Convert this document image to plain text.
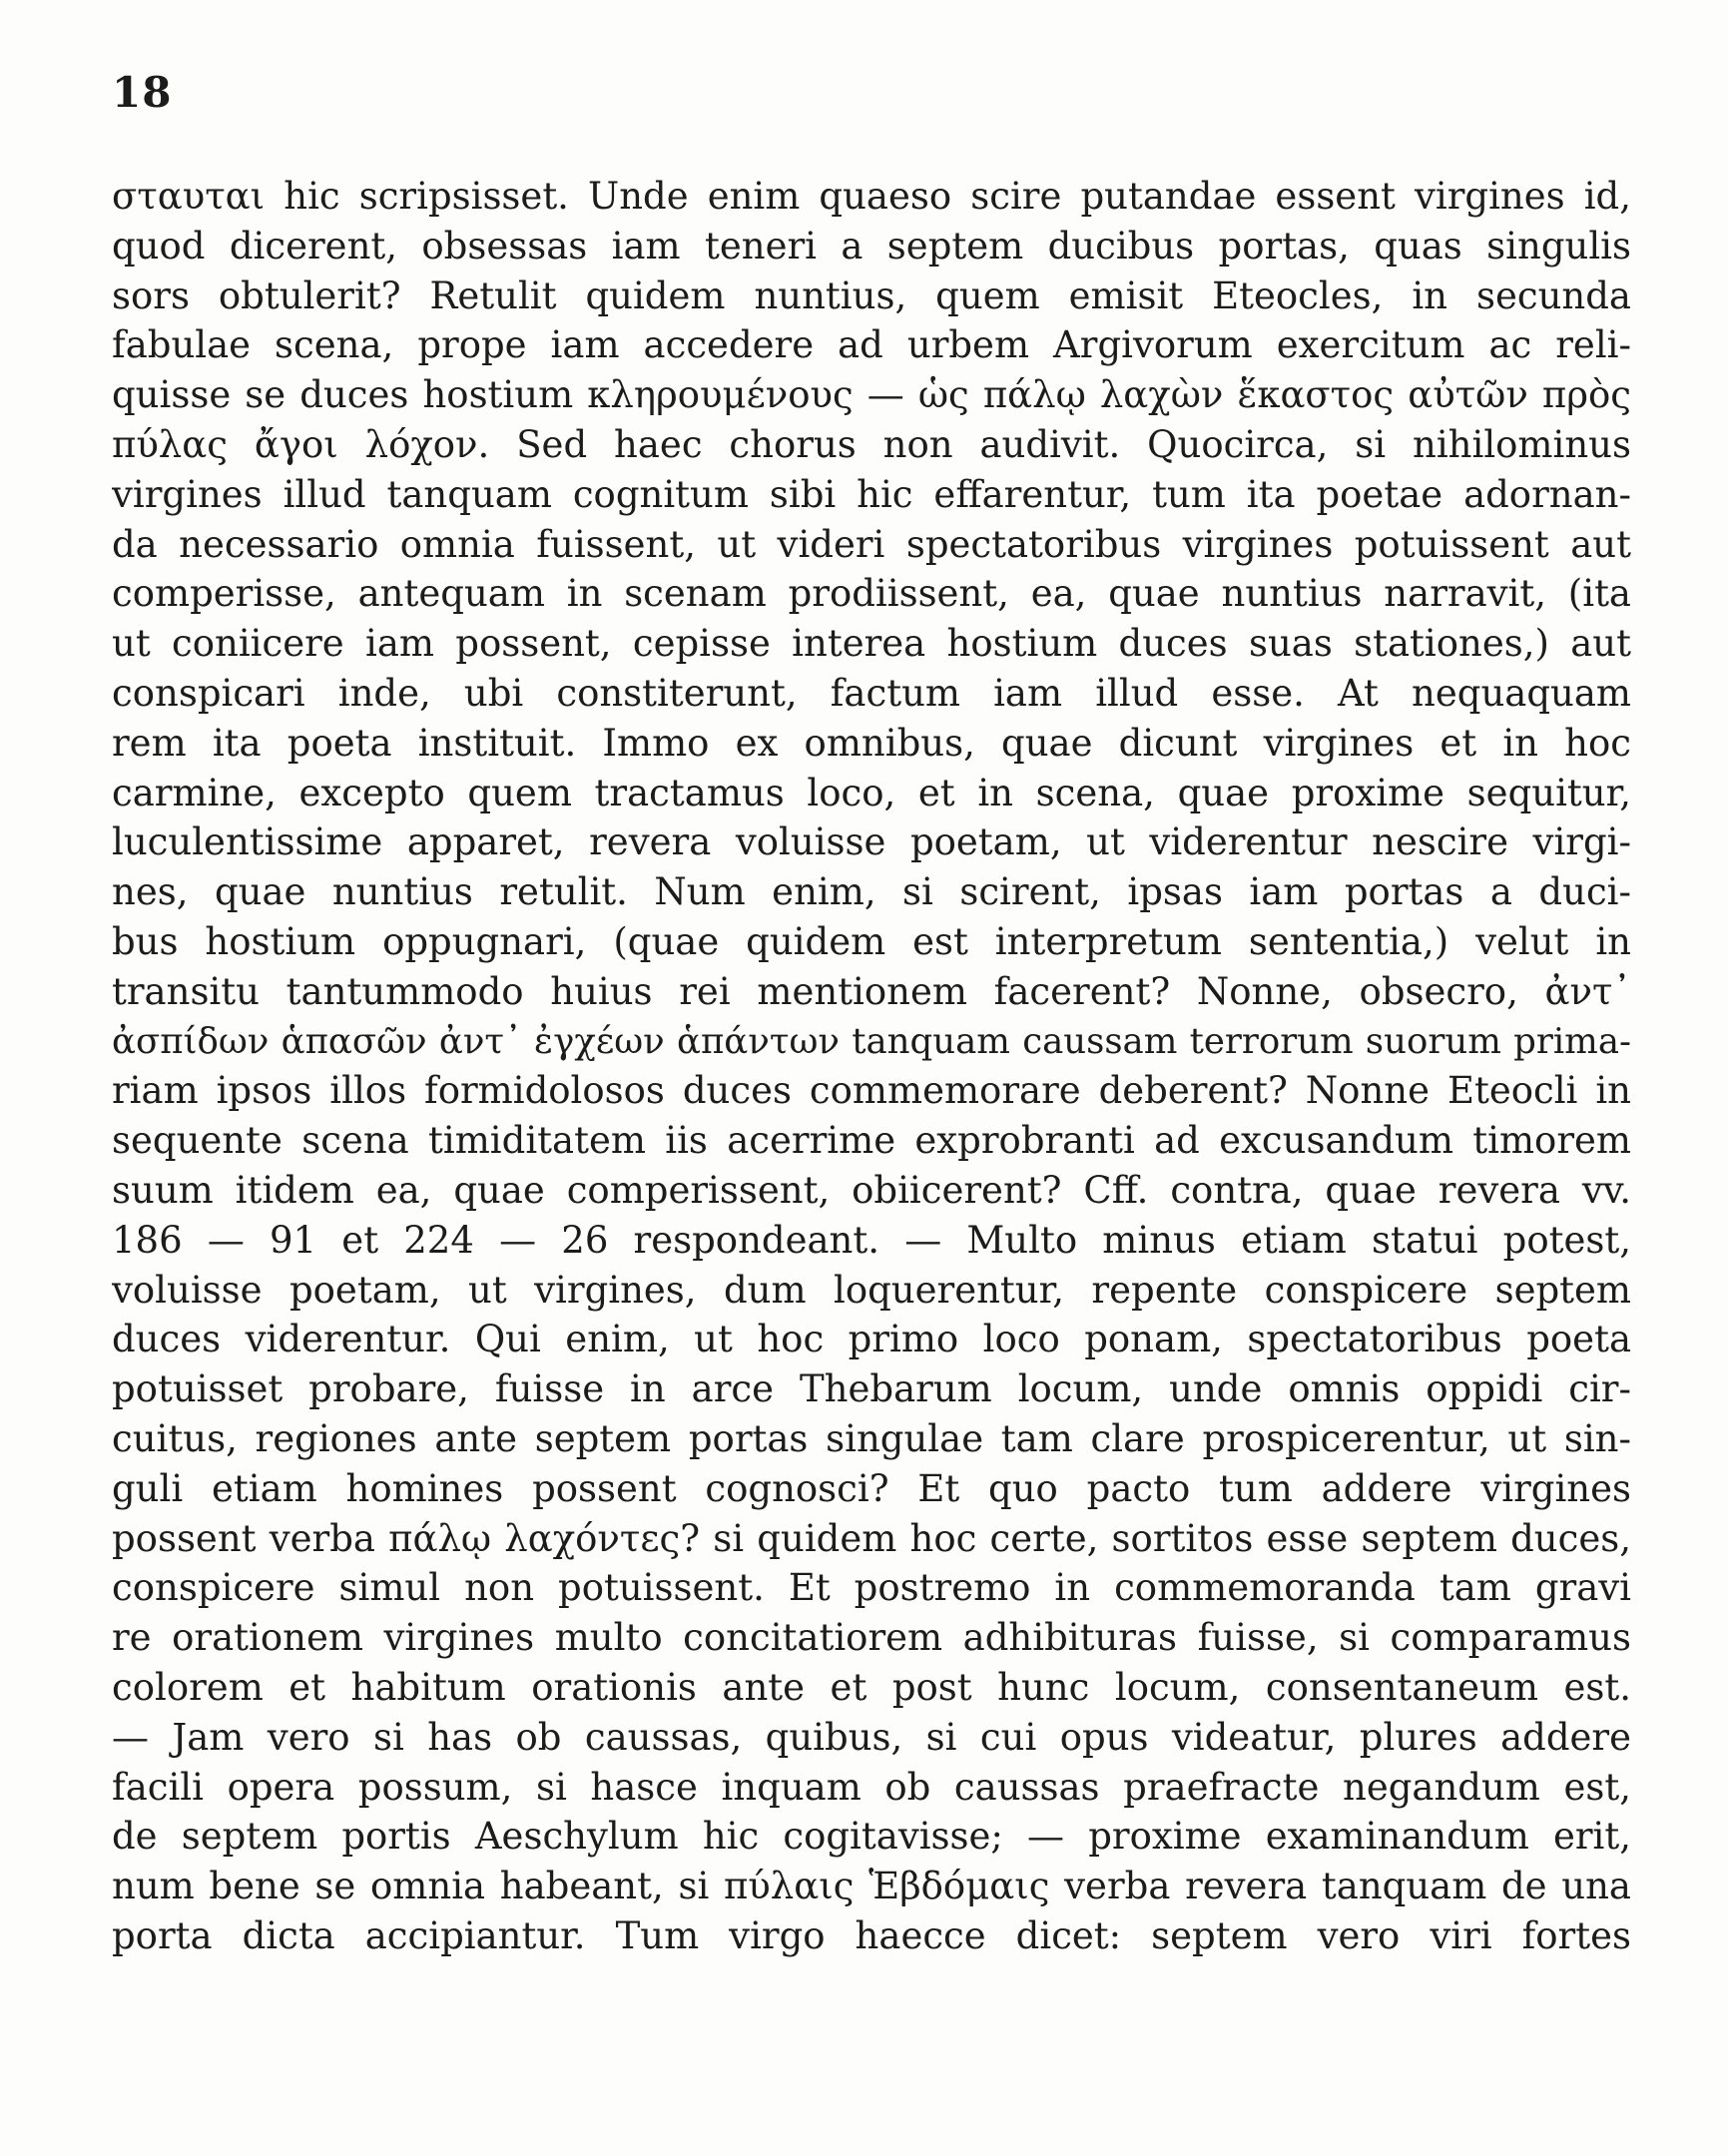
18
σταυται hic scripsisset. Unde enim quaeso scire putandae essent virgines id,
quod dicerent, obsessas iam teneri a septem ducibus portas, quas singulis
sors obtulerit? Retulit quidem nuntius, quem emisit Eteocles, in secunda
fabulae scena, prope iam accedere ad urbem Argivorum exercitum ac reli-
quisse se duces hostium κληρουμένους — ὡς πάλῳ λαχὼν ἕκαστος αὐτῶν πρὸς
πύλας ἄγοι λόχον. Sed haec chorus non audivit. Quocirca, si nihilominus
virgines illud tanquam cognitum sibi hic effarentur, tum ita poetae adornan-
da necessario omnia fuissent, ut videri spectatoribus virgines potuissent aut
comperisse, antequam in scenam prodiissent, ea, quae nuntius narravit, (ita
ut coniicere iam possent, cepisse interea hostium duces suas stationes,) aut
conspicari inde, ubi constiterunt, factum iam illud esse. At nequaquam
rem ita poeta instituit. Immo ex omnibus, quae dicunt virgines et in hoc
carmine, excepto quem tractamus loco, et in scena, quae proxime sequitur,
luculentissime apparet, revera voluisse poetam, ut viderentur nescire virgi-
nes, quae nuntius retulit. Num enim, si scirent, ipsas iam portas a duci-
bus hostium oppugnari, (quae quidem est interpretum sententia,) velut in
transitu tantummodo huius rei mentionem facerent? Nonne, obsecro, ἀντ᾽
ἀσπίδων ἁπασῶν ἀντ᾽ ἐγχέων ἁπάντων tanquam caussam terrorum suorum prima-
riam ipsos illos formidolosos duces commemorare deberent? Nonne Eteocli in
sequente scena timiditatem iis acerrime exprobranti ad excusandum timorem
suum itidem ea, quae comperissent, obiicerent? Cff. contra, quae revera vv.
186 — 91 et 224 — 26 respondeant. — Multo minus etiam statui potest,
voluisse poetam, ut virgines, dum loquerentur, repente conspicere septem
duces viderentur. Qui enim, ut hoc primo loco ponam, spectatoribus poeta
potuisset probare, fuisse in arce Thebarum locum, unde omnis oppidi cir-
cuitus, regiones ante septem portas singulae tam clare prospicerentur, ut sin-
guli etiam homines possent cognosci? Et quo pacto tum addere virgines
possent verba πάλῳ λαχόντες? si quidem hoc certe, sortitos esse septem duces,
conspicere simul non potuissent. Et postremo in commemoranda tam gravi
re orationem virgines multo concitatiorem adhibituras fuisse, si comparamus
colorem et habitum orationis ante et post hunc locum, consentaneum est.
— Jam vero si has ob caussas, quibus, si cui opus videatur, plures addere
facili opera possum, si hasce inquam ob caussas praefracte negandum est,
de septem portis Aeschylum hic cogitavisse; — proxime examinandum erit,
num bene se omnia habeant, si πύλαις Ἑβδόμαις verba revera tanquam de una
porta dicta accipiantur. Tum virgo haecce dicet: septem vero viri fortes
